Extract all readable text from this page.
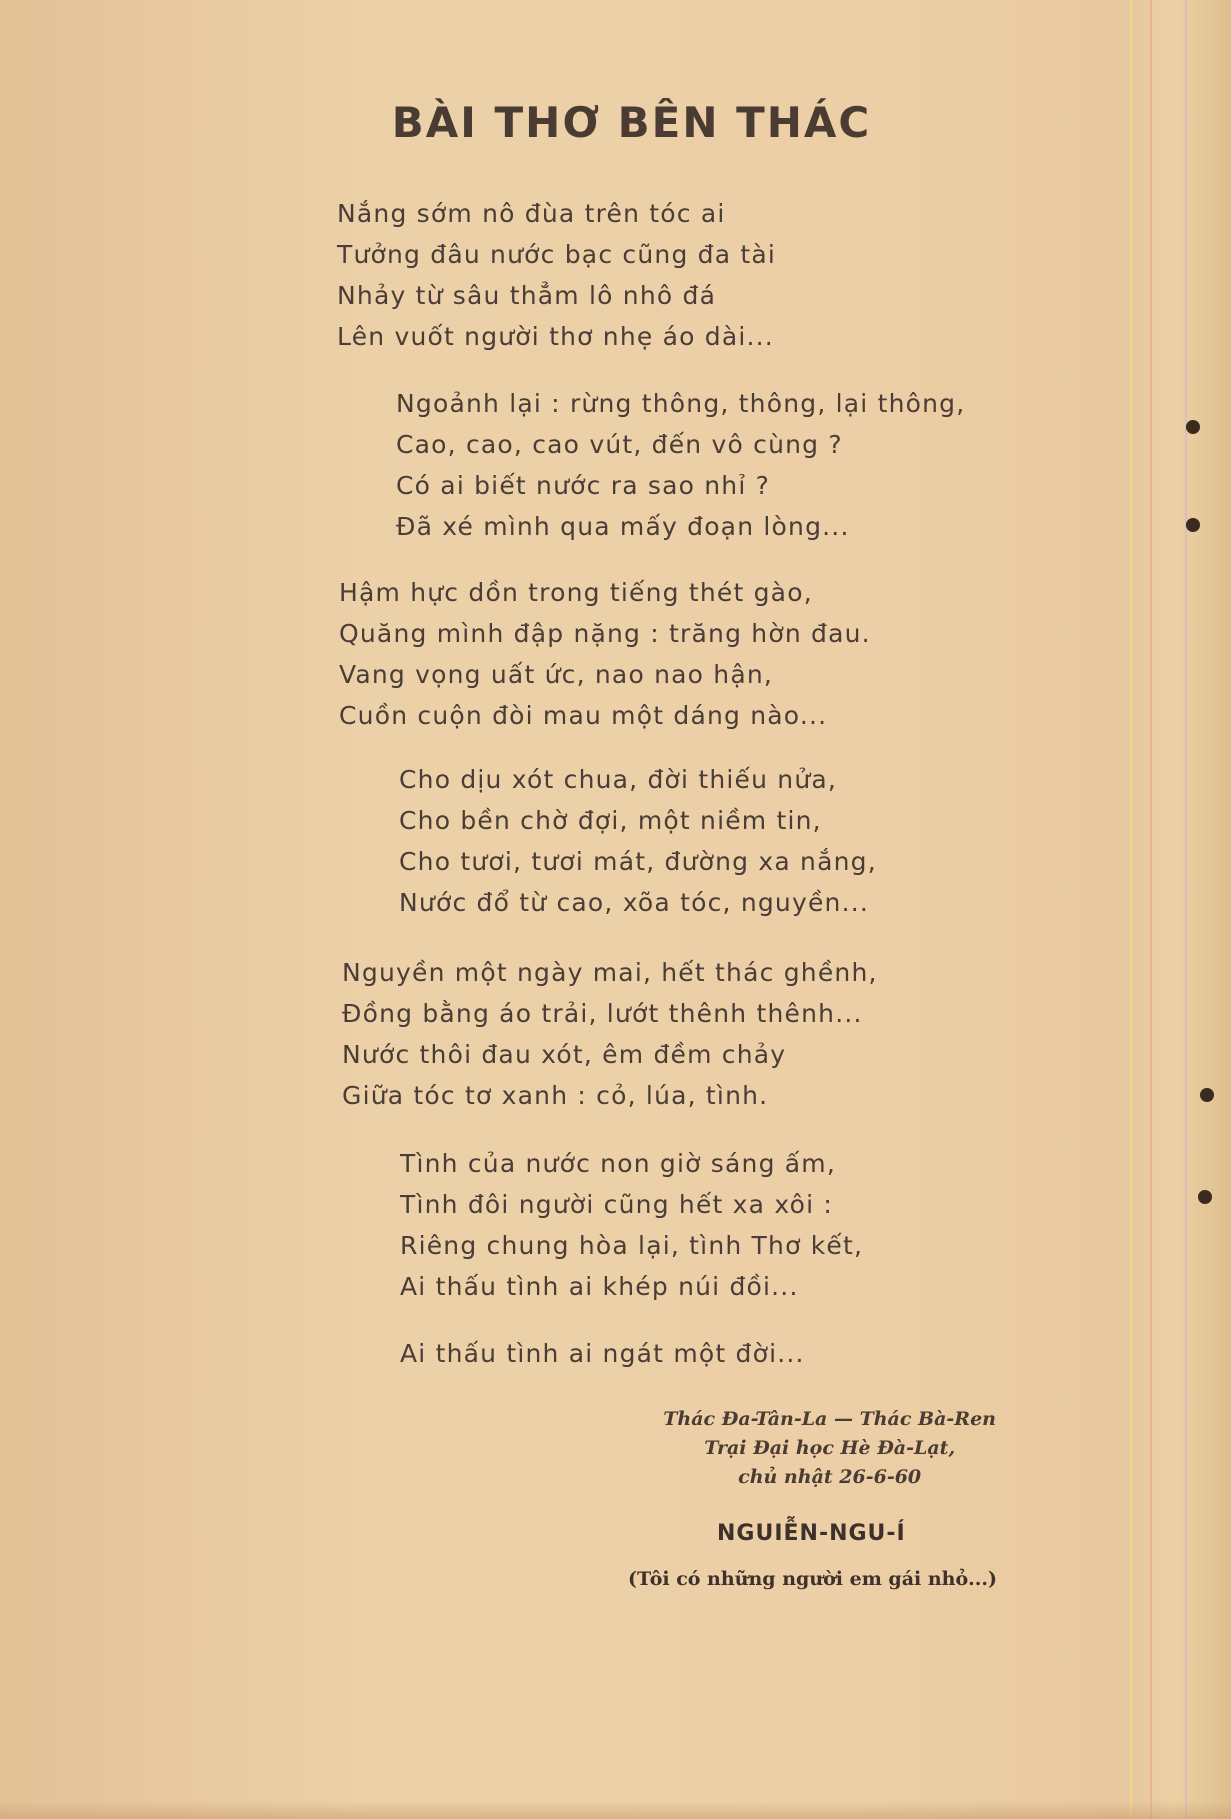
BÀI THƠ BÊN THÁC
Nắng sớm nô đùa trên tóc ai
Tưởng đâu nước bạc cũng đa tài
Nhảy từ sâu thẳm lô nhô đá
Lên vuốt người thơ nhẹ áo dài...
Ngoảnh lại : rừng thông, thông, lại thông,
Cao, cao, cao vút, đến vô cùng ?
Có ai biết nước ra sao nhỉ ?
Đã xé mình qua mấy đoạn lòng...
Hậm hực dồn trong tiếng thét gào,
Quăng mình đập nặng : trăng hờn đau.
Vang vọng uất ức, nao nao hận,
Cuồn cuộn đòi mau một dáng nào...
Cho dịu xót chua, đời thiếu nửa,
Cho bền chờ đợi, một niềm tin,
Cho tươi, tươi mát, đường xa nắng,
Nước đổ từ cao, xõa tóc, nguyền...
Nguyền một ngày mai, hết thác ghềnh,
Đồng bằng áo trải, lướt thênh thênh...
Nước thôi đau xót, êm đềm chảy
Giữa tóc tơ xanh : cỏ, lúa, tình.
Tình của nước non giờ sáng ấm,
Tình đôi người cũng hết xa xôi :
Riêng chung hòa lại, tình Thơ kết,
Ai thấu tình ai khép núi đồi...
Ai thấu tình ai ngát một đời...
Thác Đa-Tân-La — Thác Bà-Ren
Trại Đại học Hè Đà-Lạt,
chủ nhật 26-6-60
NGUIỄN-NGU-Í
(Tôi có những người em gái nhỏ...)
